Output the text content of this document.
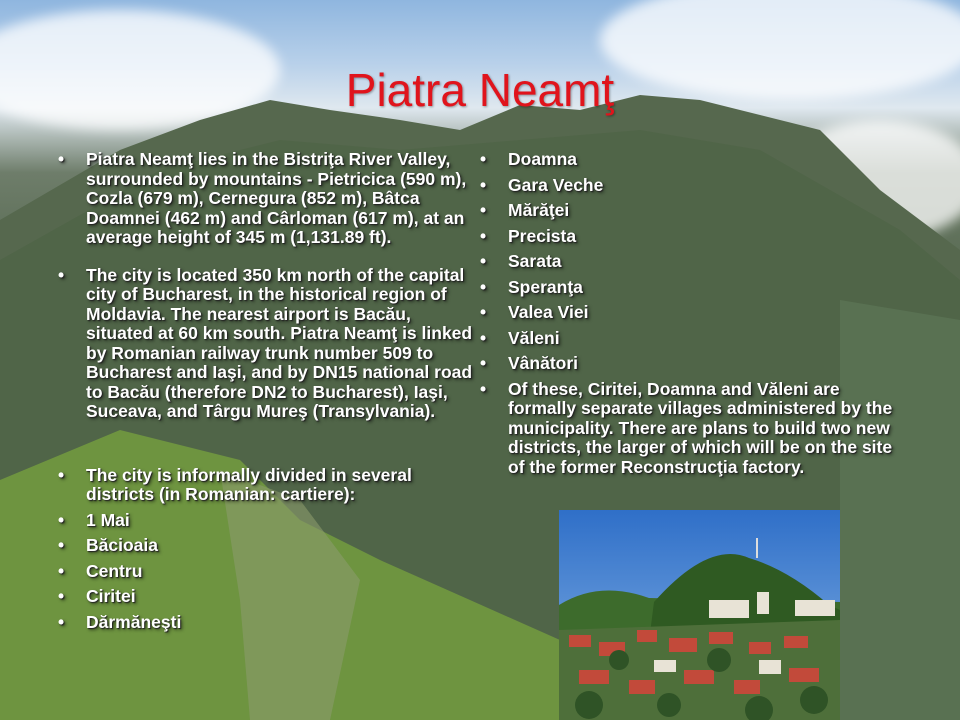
Piatra Neamţ
• Piatra Neamţ lies in the Bistriţa River Valley, surrounded by mountains - Pietricica (590 m), Cozla (679 m), Cernegura (852 m), Bâtca Doamnei (462 m) and Cârloman (617 m), at an average height of 345 m (1,131.89 ft).
• The city is located 350 km north of the capital city of Bucharest, in the historical region of Moldavia. The nearest airport is Bacău, situated at 60 km south. Piatra Neamţ is linked by Romanian railway trunk number 509 to Bucharest and Iaşi, and by DN15 national road to Bacău (therefore DN2 to Bucharest), Iaşi, Suceava, and Târgu Mureş (Transylvania).
• The city is informally divided in several districts (in Romanian: cartiere):
• 1 Mai
• Băcioaia
• Centru
• Ciritei
• Dărmăneşti
• Doamna
• Gara Veche
• Mărăţei
• Precista
• Sarata
• Speranţa
• Valea Viei
• Văleni
• Vânători
• Of these, Ciritei, Doamna and Văleni are formally separate villages administered by the municipality. There are plans to build two new districts, the larger of which will be on the site of the former Reconstrucţia factory.
